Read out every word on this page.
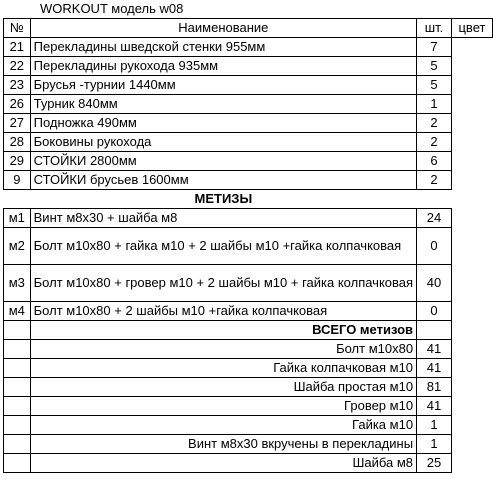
WORKOUT модель w08
№	Наименование	шт.	цвет
21	Перекладины шведской стенки 955мм	7	
22	Перекладины рукохода 935мм	5	
23	Брусья -турнии 1440мм	5	
26	Турник 840мм	1	
27	Подножка 490мм	2	
28	Боковины рукохода	2	
29	СТОЙКИ 2800мм	6	
9	СТОЙКИ брусьев 1600мм	2	
	МЕТИЗЫ		
м1	Винт м8х30 + шайба м8	24	
м2	Болт м10х80 + гайка м10 + 2 шайбы м10 +гайка колпачковая	0	
м3	Болт м10х80 + гровер м10 + 2 шайбы м10 + гайка колпачковая	40	
м4	Болт м10х80 + 2 шайбы м10 +гайка колпачковая	0	
	ВСЕГО метизов		
	Болт м10х80	41	
	Гайка колпачковая м10	41	
	Шайба простая м10	81	
	Гровер м10	41	
	Гайка м10	1	
	Винт м8х30 вкручены в перекладины	1	
	Шайба м8	25	
